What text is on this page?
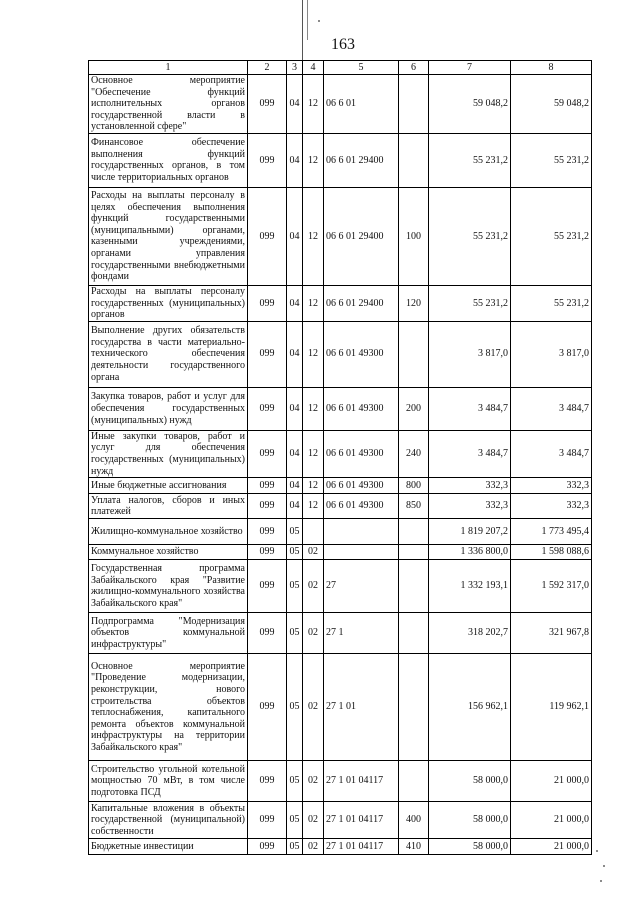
163
1	2	3	4	5	6	7	8
Основное мероприятие "Обеспечение функций исполнительных органов государственной власти в установленной сфере"	099	04	12	06 6 01		59 048,2	59 048,2
Финансовое обеспечение выполнения функций государственных органов, в том числе территориальных органов	099	04	12	06 6 01 29400		55 231,2	55 231,2
Расходы на выплаты персоналу в целях обеспечения выполнения функций государственными (муниципальными) органами, казенными учреждениями, органами управления государственными внебюджетными фондами	099	04	12	06 6 01 29400	100	55 231,2	55 231,2
Расходы на выплаты персоналу государственных (муниципальных) органов	099	04	12	06 6 01 29400	120	55 231,2	55 231,2
Выполнение других обязательств государства в части материально-технического обеспечения деятельности государственного органа	099	04	12	06 6 01 49300		3 817,0	3 817,0
Закупка товаров, работ и услуг для обеспечения государственных (муниципальных) нужд	099	04	12	06 6 01 49300	200	3 484,7	3 484,7
Иные закупки товаров, работ и услуг для обеспечения государственных (муниципальных) нужд	099	04	12	06 6 01 49300	240	3 484,7	3 484,7
Иные бюджетные ассигнования	099	04	12	06 6 01 49300	800	332,3	332,3
Уплата налогов, сборов и иных платежей	099	04	12	06 6 01 49300	850	332,3	332,3
Жилищно-коммунальное хозяйство	099	05				1 819 207,2	1 773 495,4
Коммунальное хозяйство	099	05	02			1 336 800,0	1 598 088,6
Государственная программа Забайкальского края "Развитие жилищно-коммунального хозяйства Забайкальского края"	099	05	02	27		1 332 193,1	1 592 317,0
Подпрограмма "Модернизация объектов коммунальной инфраструктуры"	099	05	02	27 1		318 202,7	321 967,8
Основное мероприятие "Проведение модернизации, реконструкции, нового строительства объектов теплоснабжения, капитального ремонта объектов коммунальной инфраструктуры на территории Забайкальского края"	099	05	02	27 1 01		156 962,1	119 962,1
Строительство угольной котельной мощностью 70 мВт, в том числе подготовка ПСД	099	05	02	27 1 01 04117		58 000,0	21 000,0
Капитальные вложения в объекты государственной (муниципальной) собственности	099	05	02	27 1 01 04117	400	58 000,0	21 000,0
Бюджетные инвестиции	099	05	02	27 1 01 04117	410	58 000,0	21 000,0
